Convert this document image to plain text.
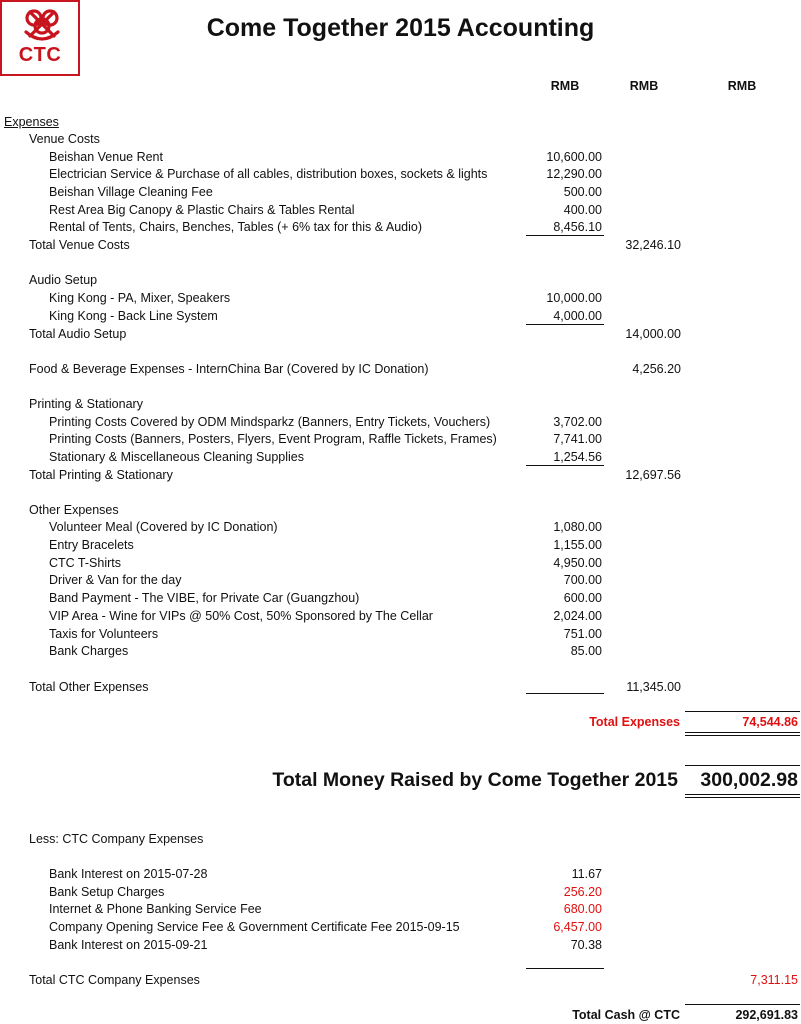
CTC
Come Together 2015 Accounting
RMB	RMB	RMB
Expenses
Venue Costs
Beishan Venue Rent	10,600.00
Electrician Service & Purchase of all cables, distribution boxes, sockets & lights	12,290.00
Beishan Village Cleaning Fee	500.00
Rest Area Big Canopy & Plastic Chairs & Tables Rental	400.00
Rental of Tents, Chairs, Benches, Tables (+ 6% tax for this & Audio)	8,456.10
Total Venue Costs	32,246.10
Audio Setup
King Kong - PA, Mixer, Speakers	10,000.00
King Kong - Back Line System	4,000.00
Total Audio Setup	14,000.00
Food & Beverage Expenses - InternChina Bar (Covered by IC Donation)	4,256.20
Printing & Stationary
Printing Costs Covered by ODM Mindsparkz (Banners, Entry Tickets, Vouchers)	3,702.00
Printing Costs (Banners, Posters, Flyers, Event Program, Raffle Tickets, Frames)	7,741.00
Stationary & Miscellaneous Cleaning Supplies	1,254.56
Total Printing & Stationary	12,697.56
Other Expenses
Volunteer Meal (Covered by IC Donation)	1,080.00
Entry Bracelets	1,155.00
CTC T-Shirts	4,950.00
Driver & Van for the day	700.00
Band Payment - The VIBE, for Private Car (Guangzhou)	600.00
VIP Area - Wine for VIPs @ 50% Cost, 50% Sponsored by The Cellar	2,024.00
Taxis for Volunteers	751.00
Bank Charges	85.00
Total Other Expenses	11,345.00
Total Expenses	74,544.86
Total Money Raised by Come Together 2015	300,002.98
Less: CTC Company Expenses
Bank Interest on 2015-07-28	11.67
Bank Setup Charges	256.20
Internet & Phone Banking Service Fee	680.00
Company Opening Service Fee & Government Certificate Fee 2015-09-15	6,457.00
Bank Interest on 2015-09-21	70.38
Total CTC Company Expenses	7,311.15
Total Cash @ CTC	292,691.83
